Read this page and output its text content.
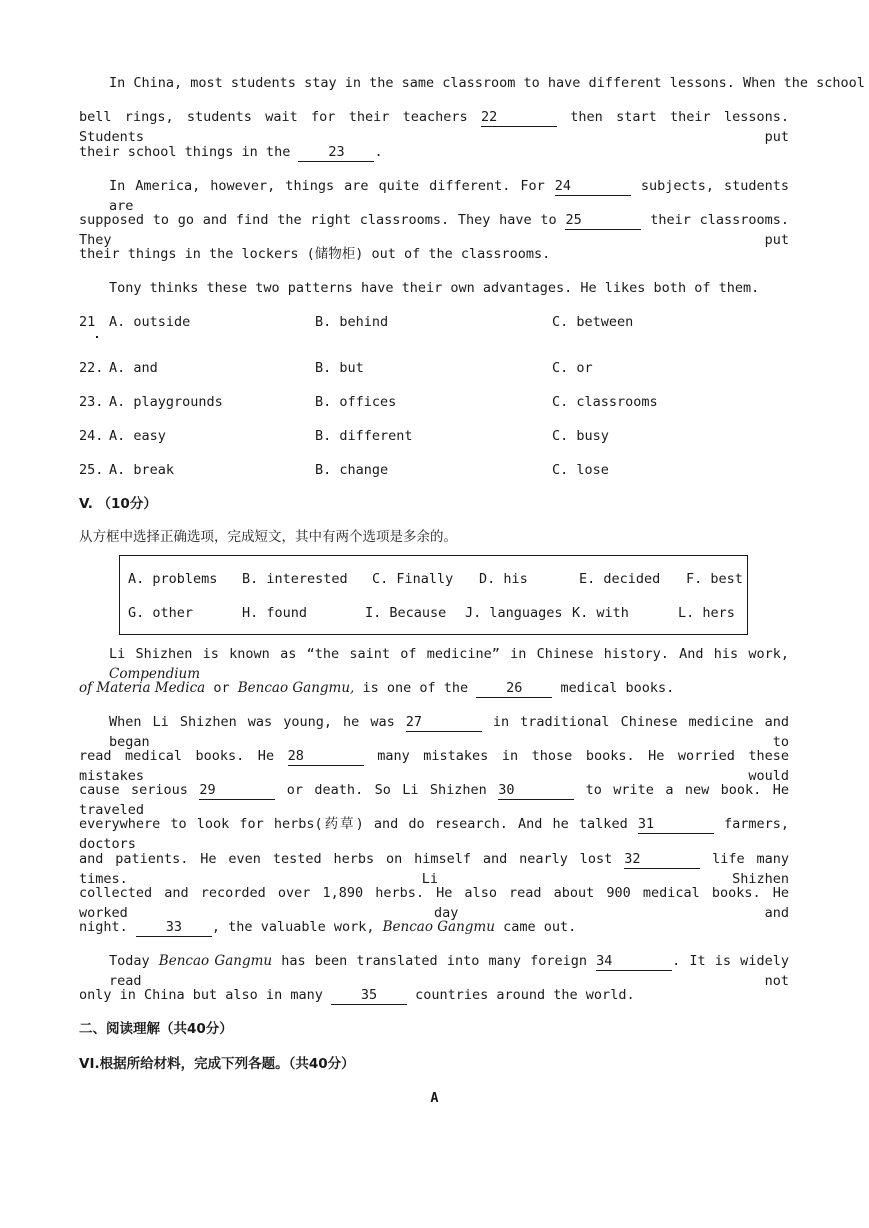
In China, most students stay in the same classroom to have different lessons. When the school
bell rings, students wait for their teachers 22	then start their lessons. Students put
their school things in the	23 .
In America, however, things are quite different. For 24	subjects, students are
supposed to go and find the right classrooms. They have to 25	their classrooms. They put
their things in the lockers (储物柜) out of the classrooms.
Tony thinks these two patterns have their own advantages. He likes both of them.
21 A. outside	B. behind	C. between
22. A. and	B. but	C. or
23. A. playgrounds	B. offices	C. classrooms
24. A. easy	B. different	C. busy
25. A. break	B. change	C. lose
V. （10分）
从方框中选择正确选项，完成短文，其中有两个选项是多余的。
A. problems B. interested C. Finally D. his	E. decided F. best
G. other	H. found	I. Because J. languages K. with	L. hers
Li Shizhen is known as “the saint of medicine” in Chinese history. And his work, Compendium
of Materia Medica or Bencao Gangmu, is one of the	26	medical books.
When Li Shizhen was young, he was 27	in traditional Chinese medicine and began to
read medical books. He 28	many mistakes in those books. He worried these mistakes would
cause serious 29	or death. So Li Shizhen 30	to write a new book. He traveled
everywhere to look for herbs(药草) and do research. And he talked 31	farmers, doctors
and patients. He even tested herbs on himself and nearly lost 32	life many times. Li Shizhen
collected and recorded over 1,890 herbs. He also read about 900 medical books. He worked day and
night.	33 , the valuable work, Bencao Gangmu came out.
Today Bencao Gangmu has been translated into many foreign 34	. It is widely read not
only in China but also in many	35	countries around the world.
二、阅读理解（共40分）
VI.根据所给材料，完成下列各题。（共40分）
A
